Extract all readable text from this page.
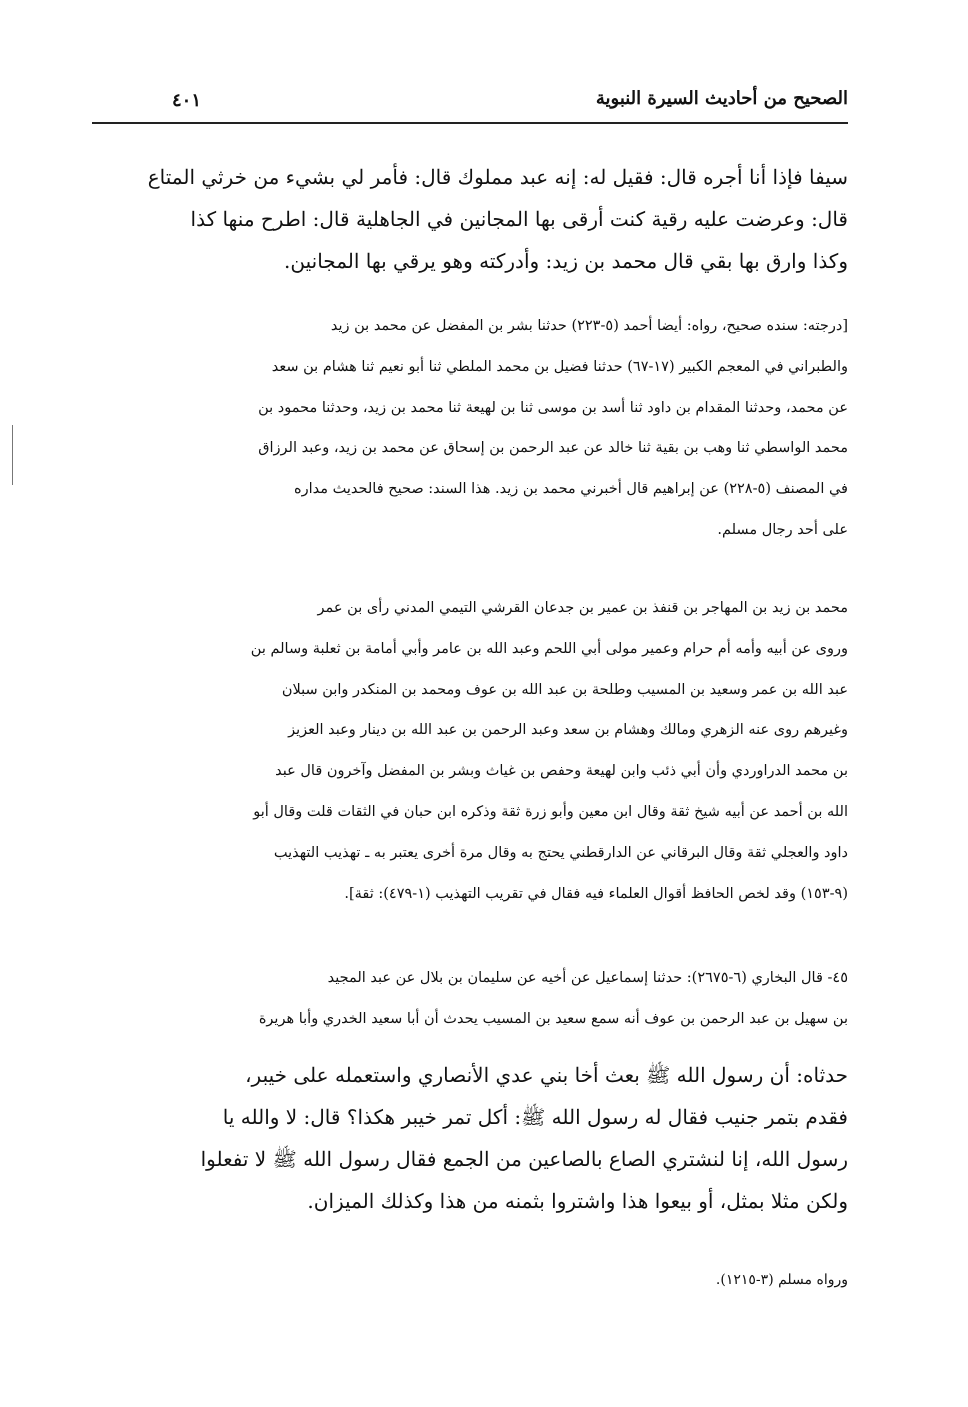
الصحيح من أحاديث السيرة النبوية
٤٠١
سيفا فإذا أنا أجره قال: فقيل له: إنه عبد مملوك قال: فأمر لي بشيء من خرثي المتاع
قال: وعرضت عليه رقية كنت أرقى بها المجانين في الجاهلية قال: اطرح منها كذا
وكذا وارق بها بقي قال محمد بن زيد: وأدركته وهو يرقي بها المجانين.
[درجته: سنده صحيح، رواه: أيضا أحمد (٥-٢٢٣) حدثنا بشر بن المفضل عن محمد بن زيد
والطبراني في المعجم الكبير (١٧-٦٧) حدثنا فضيل بن محمد الملطي ثنا أبو نعيم ثنا هشام بن سعد
عن محمد، وحدثنا المقدام بن داود ثنا أسد بن موسى ثنا بن لهيعة ثنا محمد بن زيد، وحدثنا محمود بن
محمد الواسطي ثنا وهب بن بقية ثنا خالد عن عبد الرحمن بن إسحاق عن محمد بن زيد، وعبد الرزاق
في المصنف (٥-٢٢٨) عن إبراهيم قال أخبرني محمد بن زيد. هذا السند: صحيح فالحديث مداره
على أحد رجال مسلم.
محمد بن زيد بن المهاجر بن قنفذ بن عمير بن جدعان القرشي التيمي المدني رأى بن عمر
وروى عن أبيه وأمه أم حرام وعمير مولى أبي اللحم وعبد الله بن عامر وأبي أمامة بن ثعلبة وسالم بن
عبد الله بن عمر وسعيد بن المسيب وطلحة بن عبد الله بن عوف ومحمد بن المنكدر وابن سبلان
وغيرهم روى عنه الزهري ومالك وهشام بن سعد وعبد الرحمن بن عبد الله بن دينار وعبد العزيز
بن محمد الدراوردي وأن أبي ذئب وابن لهيعة وحفص بن غياث وبشر بن المفضل وآخرون قال عبد
الله بن أحمد عن أبيه شيخ ثقة وقال ابن معين وأبو زرة ثقة وذكره ابن حبان في الثقات قلت وقال أبو
داود والعجلي ثقة وقال البرقاني عن الدارقطني يحتج به وقال مرة أخرى يعتبر به ـ تهذيب التهذيب
(٩-١٥٣) وقد لخص الحافظ أقوال العلماء فيه فقال في تقريب التهذيب (١-٤٧٩): ثقة].
٤٥- قال البخاري (٦-٢٦٧٥): حدثنا إسماعيل عن أخيه عن سليمان بن بلال عن عبد المجيد
بن سهيل بن عبد الرحمن بن عوف أنه سمع سعيد بن المسيب يحدث أن أبا سعيد الخدري وأبا هريرة
حدثاه: أن رسول الله ﷺ بعث أخا بني عدي الأنصاري واستعمله على خيبر،
فقدم بتمر جنيب فقال له رسول الله ﷺ: أكل تمر خيبر هكذا؟ قال: لا والله يا
رسول الله، إنا لنشتري الصاع بالصاعين من الجمع فقال رسول الله ﷺ لا تفعلوا
ولكن مثلا بمثل، أو بيعوا هذا واشتروا بثمنه من هذا وكذلك الميزان.
ورواه مسلم (٣-١٢١٥).
